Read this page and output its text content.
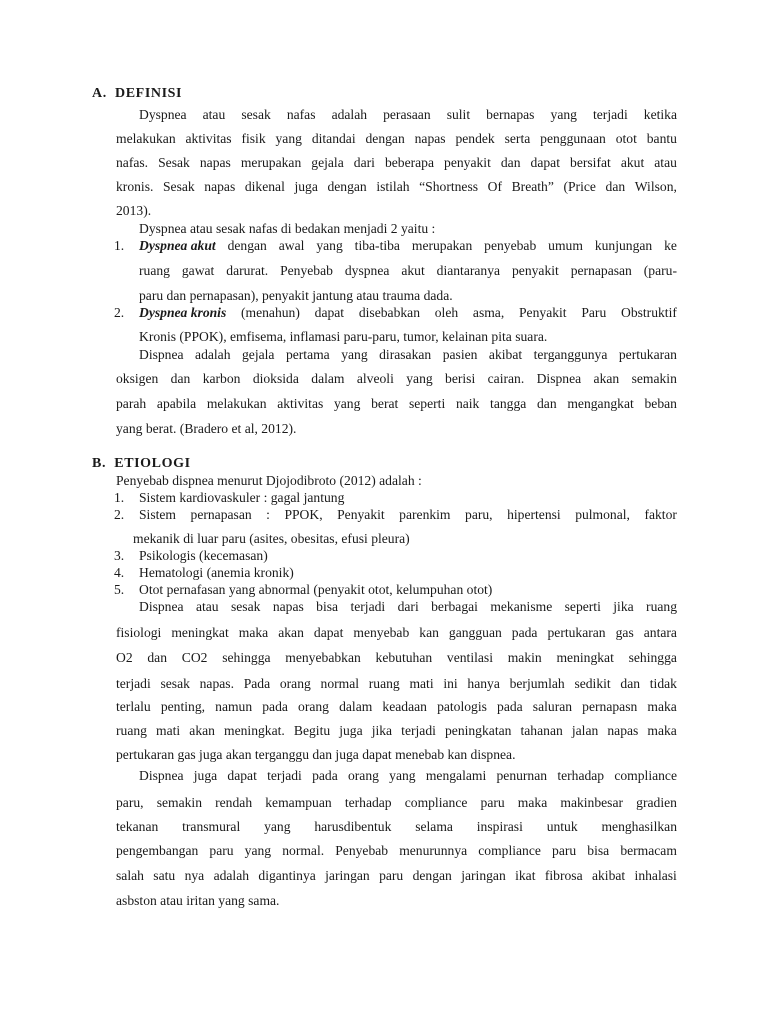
A. DEFINISI
Dyspnea atau sesak nafas adalah perasaan sulit bernapas yang terjadi ketika
melakukan aktivitas fisik yang ditandai dengan napas pendek serta penggunaan otot bantu
nafas. Sesak napas merupakan gejala dari beberapa penyakit dan dapat bersifat akut atau
kronis. Sesak napas dikenal juga dengan istilah “Shortness Of Breath” (Price dan Wilson,
2013).
Dyspnea atau sesak nafas di bedakan menjadi 2 yaitu :
1. Dyspnea akut dengan awal yang tiba-tiba merupakan penyebab umum kunjungan ke
ruang gawat darurat. Penyebab dyspnea akut diantaranya penyakit pernapasan (paru-
paru dan pernapasan), penyakit jantung atau trauma dada.
2. Dyspnea kronis (menahun) dapat disebabkan oleh asma, Penyakit Paru Obstruktif
Kronis (PPOK), emfisema, inflamasi paru-paru, tumor, kelainan pita suara.
Dispnea adalah gejala pertama yang dirasakan pasien akibat terganggunya pertukaran
oksigen dan karbon dioksida dalam alveoli yang berisi cairan. Dispnea akan semakin
parah apabila melakukan aktivitas yang berat seperti naik tangga dan mengangkat beban
yang berat. (Bradero et al, 2012).
B. ETIOLOGI
Penyebab dispnea menurut Djojodibroto (2012) adalah :
1. Sistem kardiovaskuler : gagal jantung
2. Sistem pernapasan : PPOK, Penyakit parenkim paru, hipertensi pulmonal, faktor
mekanik di luar paru (asites, obesitas, efusi pleura)
3. Psikologis (kecemasan)
4. Hematologi (anemia kronik)
5. Otot pernafasan yang abnormal (penyakit otot, kelumpuhan otot)
Dispnea atau sesak napas bisa terjadi dari berbagai mekanisme seperti jika ruang
fisiologi meningkat maka akan dapat menyebab kan gangguan pada pertukaran gas antara
O2 dan CO2 sehingga menyebabkan kebutuhan ventilasi makin meningkat sehingga
terjadi sesak napas. Pada orang normal ruang mati ini hanya berjumlah sedikit dan tidak
terlalu penting, namun pada orang dalam keadaan patologis pada saluran pernapasn maka
ruang mati akan meningkat. Begitu juga jika terjadi peningkatan tahanan jalan napas maka
pertukaran gas juga akan terganggu dan juga dapat menebab kan dispnea.
Dispnea juga dapat terjadi pada orang yang mengalami penurnan terhadap compliance
paru, semakin rendah kemampuan terhadap compliance paru maka makinbesar gradien
tekanan transmural yang harusdibentuk selama inspirasi untuk menghasilkan
pengembangan paru yang normal. Penyebab menurunnya compliance paru bisa bermacam
salah satu nya adalah digantinya jaringan paru dengan jaringan ikat fibrosa akibat inhalasi
asbston atau iritan yang sama.
